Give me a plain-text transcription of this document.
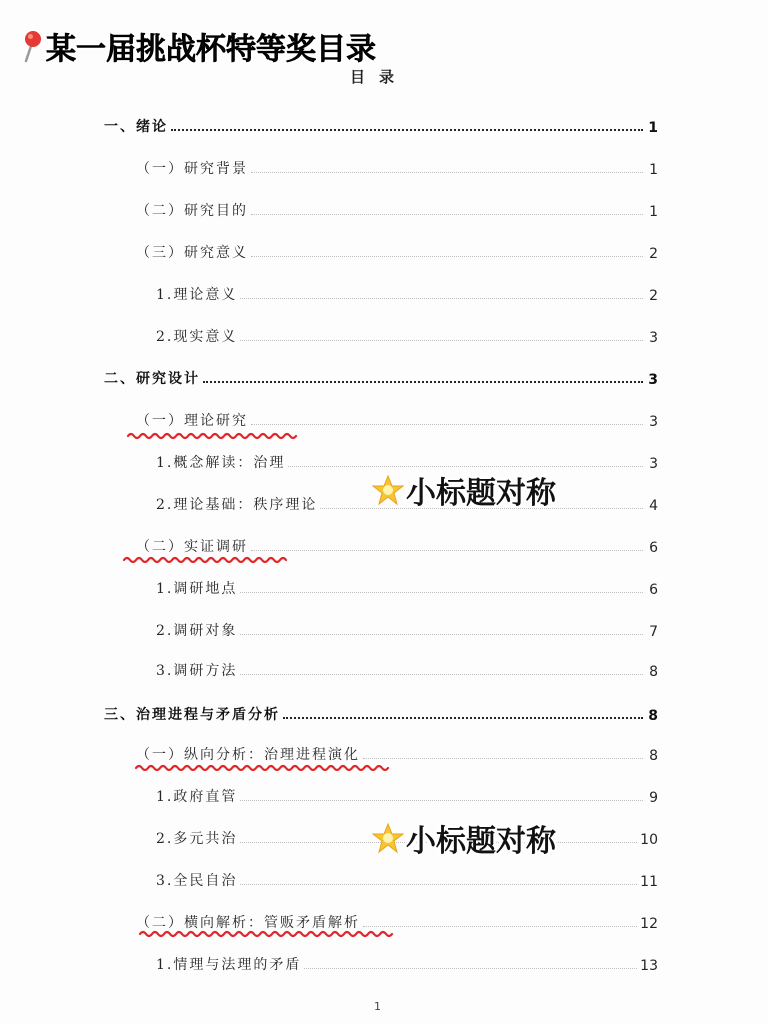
某一届挑战杯特等奖目录
目录
一、绪论	1
（一）研究背景	1
（二）研究目的	1
（三）研究意义	2
1.理论意义	2
2.现实意义	3
二、研究设计	3
（一）理论研究	3
1.概念解读：治理	3
2.理论基础：秩序理论	4
（二）实证调研	6
1.调研地点	6
2.调研对象	7
3.调研方法	8
三、治理进程与矛盾分析	8
（一）纵向分析：治理进程演化	8
1.政府直管	9
2.多元共治	10
3.全民自治	11
（二）横向解析：管贩矛盾解析	12
1.情理与法理的矛盾	13
小标题对称
小标题对称
1
